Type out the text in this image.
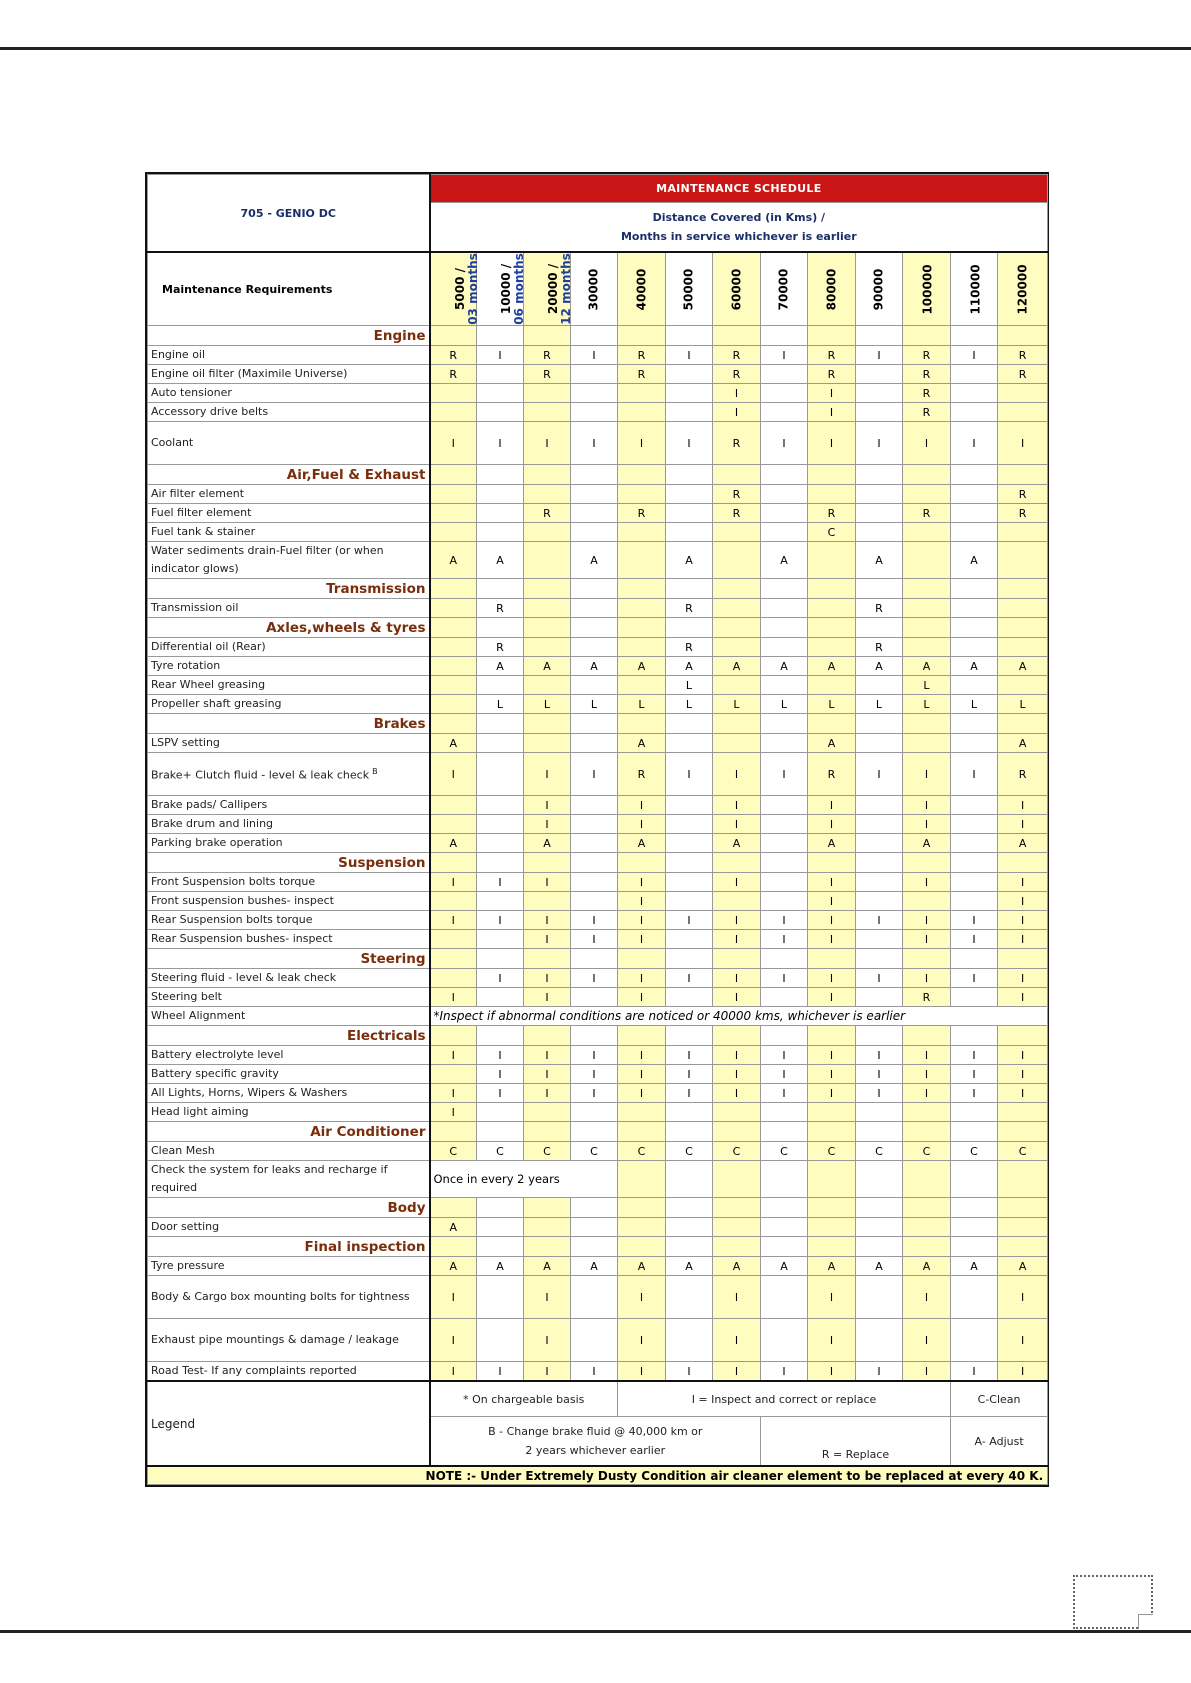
705 - GENIO DC	MAINTENANCE SCHEDULE												
	Distance Covered (in Kms) /
Months in service whichever is earlier												
Maintenance Requirements	5000 /
03 months	10000 /
06 months	20000 /
12 months	30000	40000	50000	60000	70000	80000	90000	100000	110000	120000
Engine													
Engine oil	R	I	R	I	R	I	R	I	R	I	R	I	R
Engine oil filter (Maximile Universe)	R		R		R		R		R		R		R
Auto tensioner							I		I		R		
Accessory drive belts							I		I		R		
Coolant	I	I	I	I	I	I	R	I	I	I	I	I	I
Air,Fuel & Exhaust													
Air filter element							R						R
Fuel filter element			R		R		R		R		R		R
Fuel tank & stainer									C				
Water sediments drain-Fuel filter (or when indicator glows)	A	A		A		A		A		A		A	
Transmission													
Transmission oil		R				R				R			
Axles,wheels & tyres													
Differential oil (Rear)		R				R				R			
Tyre rotation		A	A	A	A	A	A	A	A	A	A	A	A
Rear Wheel greasing						L					L		
Propeller shaft greasing		L	L	L	L	L	L	L	L	L	L	L	L
Brakes													
LSPV setting	A				A				A				A
Brake+ Clutch fluid - level & leak check $^B$	I		I	I	R	I	I	I	R	I	I	I	R
Brake pads/ Callipers			I		I		I		I		I		I
Brake drum and lining			I		I		I		I		I		I
Parking brake operation	A		A		A		A		A		A		A
Suspension													
Front Suspension bolts torque	I	I	I		I		I		I		I		I
Front suspension bushes- inspect					I				I				I
Rear Suspension bolts torque	I	I	I	I	I	I	I	I	I	I	I	I	I
Rear Suspension bushes- inspect			I	I	I		I	I	I		I	I	I
Steering													
Steering fluid - level & leak check		I	I	I	I	I	I	I	I	I	I	I	I
Steering belt	I		I		I		I		I		R		I
Wheel Alignment	*Inspect if abnormal conditions are noticed or 40000 kms, whichever is earlier												
Electricals													
Battery electrolyte level	I	I	I	I	I	I	I	I	I	I	I	I	I
Battery specific gravity		I	I	I	I	I	I	I	I	I	I	I	I
All Lights, Horns, Wipers & Washers	I	I	I	I	I	I	I	I	I	I	I	I	I
Head light aiming	I												
Air Conditioner													
Clean Mesh	C	C	C	C	C	C	C	C	C	C	C	C	C
Check the system for leaks and recharge if required	Once in every 2 years												
Body													
Door setting	A												
Final inspection													
Tyre pressure	A	A	A	A	A	A	A	A	A	A	A	A	A
Body & Cargo box mounting bolts for tightness	I		I		I		I		I		I		I
Exhaust pipe mountings & damage / leakage	I		I		I		I		I		I		I
Road Test- If any complaints reported	I	I	I	I	I	I	I	I	I	I	I	I	I
Legend	* On chargeable basis				I = Inspect and correct or replace							C-Clean	
	B - Change brake fluid @ 40,000 km or
2 years whichever earlier							R = Replace				A- Adjust	
NOTE :- Under Extremely Dusty Condition air cleaner element to be replaced at every 40 K.													
